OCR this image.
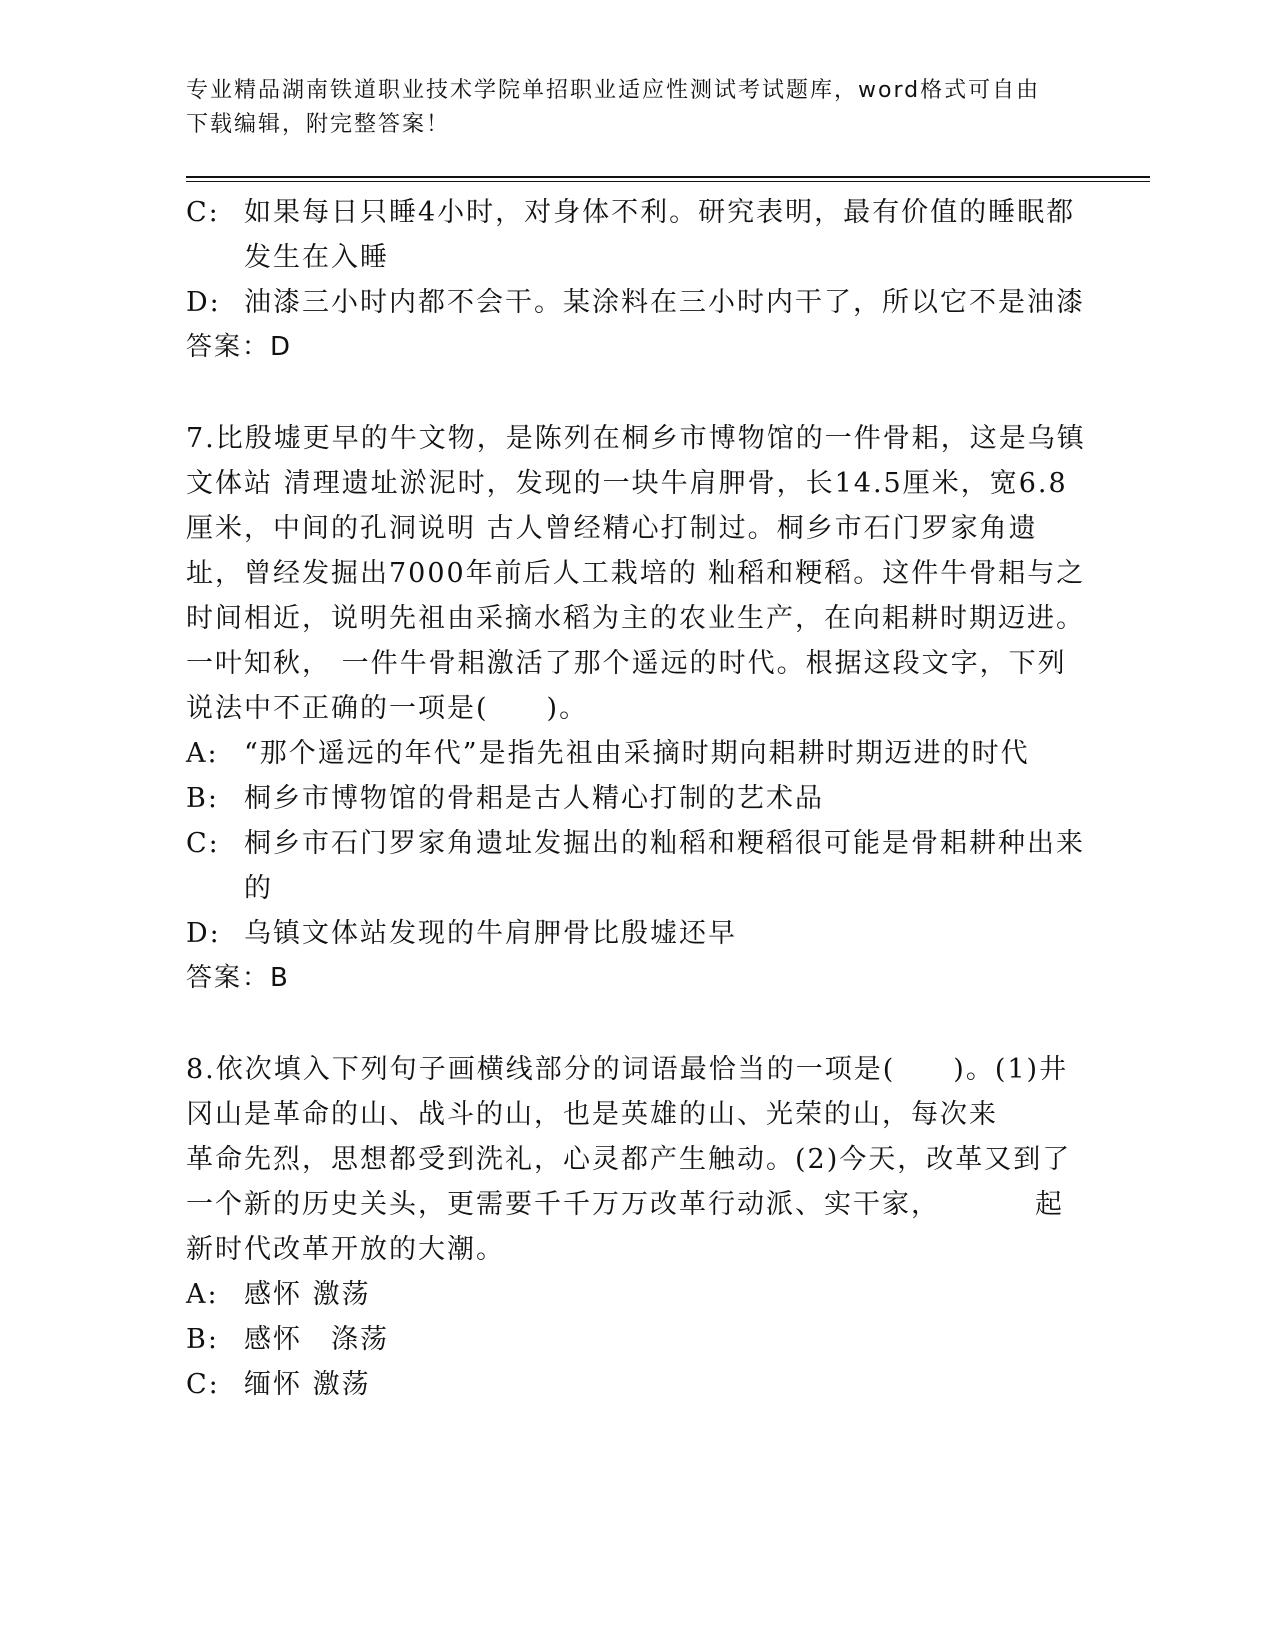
专业精品湖南铁道职业技术学院单招职业适应性测试考试题库，word格式可自由
下载编辑，附完整答案！
C: 如果每日只睡4小时，对身体不利。研究表明，最有价值的睡眠都发生在入睡
D: 油漆三小时内都不会干。某涂料在三小时内干了，所以它不是油漆

答案：D

7.比殷墟更早的牛文物，是陈列在桐乡市博物馆的一件骨耜，这是乌镇文体站 清理遗址淤泥时，发现的一块牛肩胛骨，长14.5厘米，宽6.8厘米，中间的孔洞说明 古人曾经精心打制过。桐乡市石门罗家角遗址，曾经发掘出7000年前后人工栽培的 籼稻和粳稻。这件牛骨耜与之时间相近，说明先祖由采摘水稻为主的农业生产，在向耜耕时期迈进。 一叶知秋， 一件牛骨耜激活了那个遥远的时代。根据这段文字，下列说法中不正确的一项是(　　)。

A: “那个遥远的年代”是指先祖由采摘时期向耜耕时期迈进的时代
B: 桐乡市博物馆的骨耜是古人精心打制的艺术品
C: 桐乡市石门罗家角遗址发掘出的籼稻和粳稻很可能是骨耜耕种出来的
D: 乌镇文体站发现的牛肩胛骨比殷墟还早

答案：B

8.依次填入下列句子画横线部分的词语最恰当的一项是(　　)。(1)井冈山是革命的山、战斗的山，也是英雄的山、光荣的山，每次来
革命先烈，思想都受到洗礼，心灵都产生触动。(2)今天，改革又到了一个新的历史关头，更需要千千万万改革行动派、实干家，	起新时代改革开放的大潮。

A: 感怀 激荡
B: 感怀　涤荡
C: 缅怀 激荡
